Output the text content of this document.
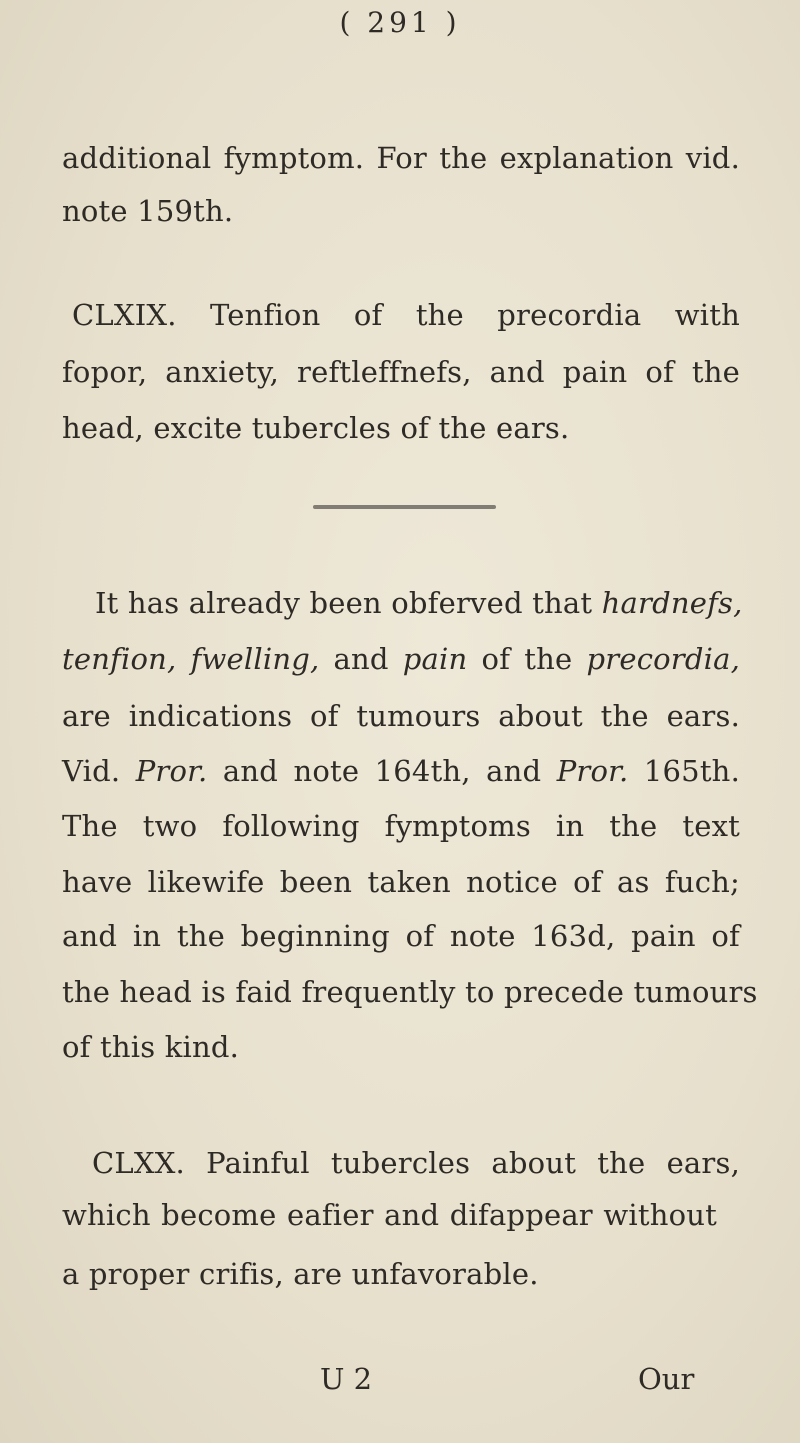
( 291 )
additional fymptom. For the explanation vid.
note 159th.
CLXIX. Tenfion of the precordia with
fopor, anxiety, reftleffnefs, and pain of the
head, excite tubercles of the ears.
It has already been obferved that hardnefs,
tenfion, fwelling, and pain of the precordia,
are indications of tumours about the ears.
Vid. Pror. and note 164th, and Pror. 165th.
The two following fymptoms in the text
have likewife been taken notice of as fuch;
and in the beginning of note 163d, pain of
the head is faid frequently to precede tumours
of this kind.
CLXX. Painful tubercles about the ears,
which become eafier and difappear without
a proper crifis, are unfavorable.
U 2	Our
